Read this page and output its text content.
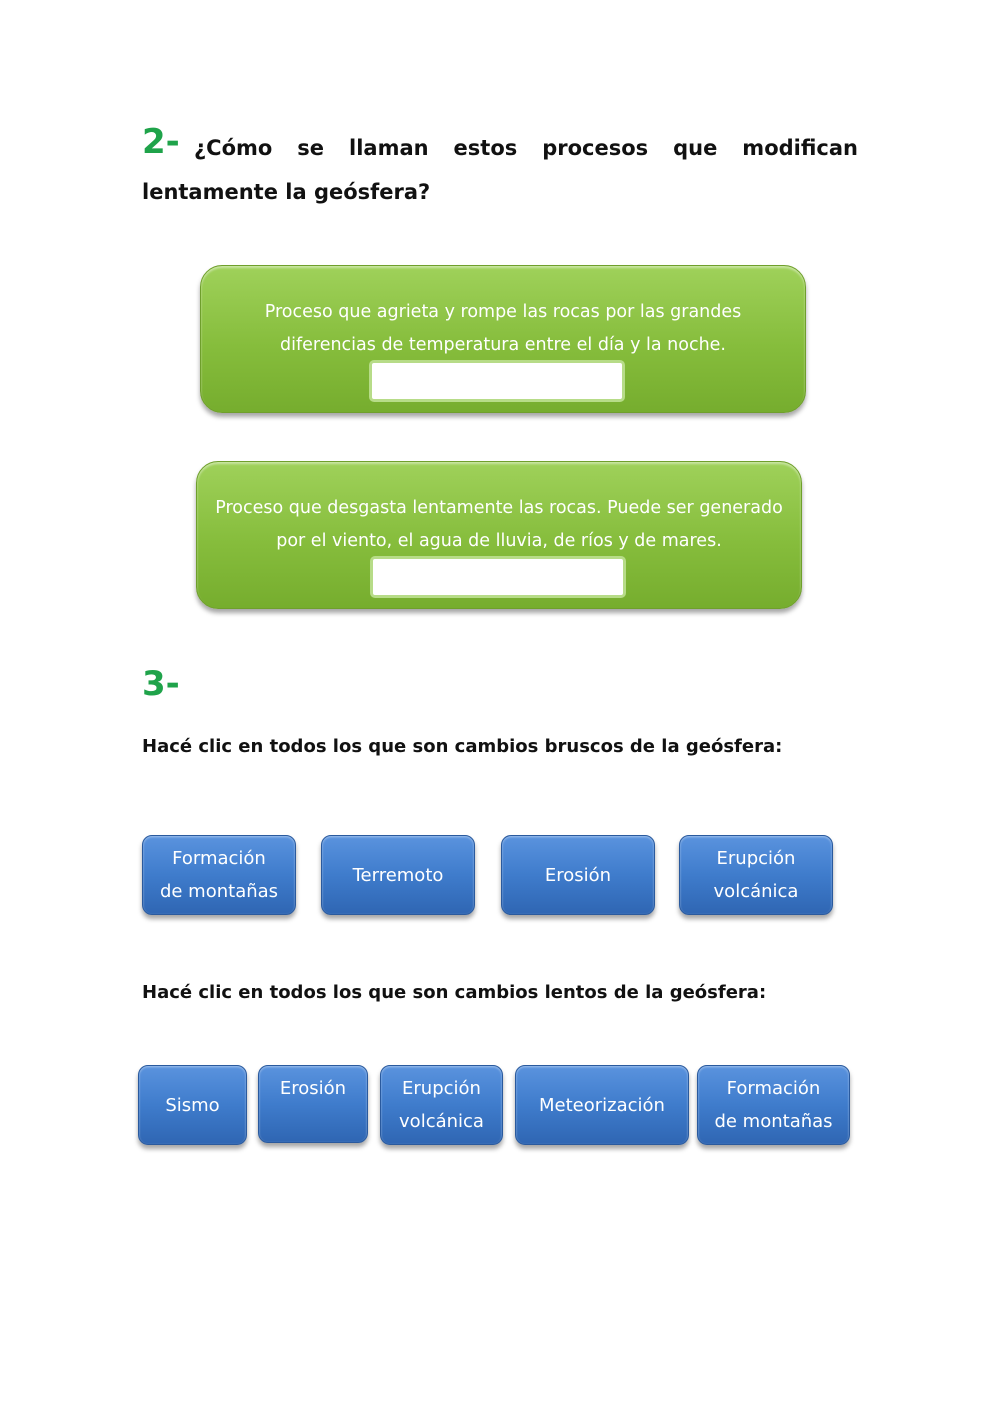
2- ¿Cómo se llaman estos procesos que modifican lentamente la geósfera?
Proceso que agrieta y rompe las rocas por las grandes diferencias de temperatura entre el día y la noche.
Proceso que desgasta lentamente las rocas. Puede ser generado por el viento, el agua de lluvia, de ríos y de mares.
3-
Hacé clic en todos los que son cambios bruscos de la geósfera:
Formación de montañas
Terremoto	Erosión
Erupción volcánica
Hacé clic en todos los que son cambios lentos de la geósfera:
Sismo
Erosión	Erupción volcánica
Meteorización
Formación de montañas
